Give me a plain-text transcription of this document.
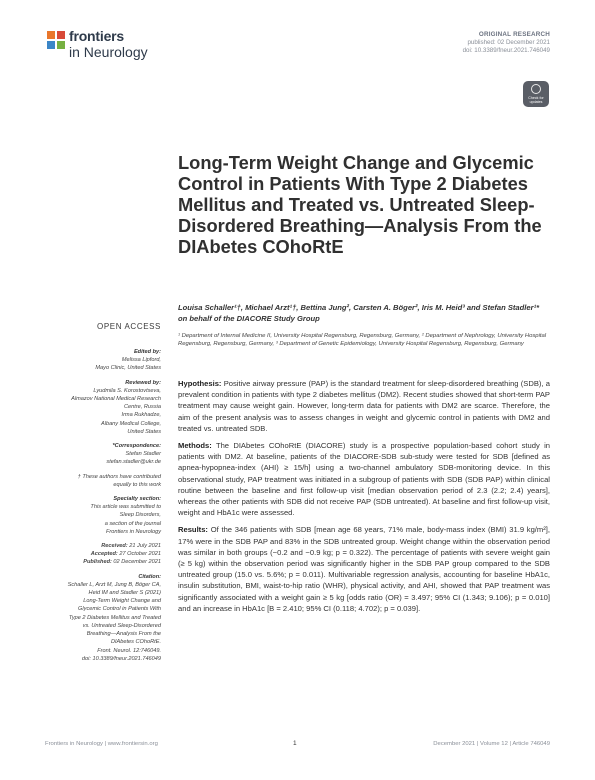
frontiers
in Neurology
ORIGINAL RESEARCH
published: 02 December 2021
doi: 10.3389/fneur.2021.746049
Check for updates
Long-Term Weight Change and Glycemic Control in Patients With Type 2 Diabetes Mellitus and Treated vs. Untreated Sleep-Disordered Breathing—Analysis From the DIAbetes COhoRtE
Louisa Schaller¹†, Michael Arzt¹†, Bettina Jung², Carsten A. Böger², Iris M. Heid³ and Stefan Stadler¹* on behalf of the DIACORE Study Group
¹ Department of Internal Medicine II, University Hospital Regensburg, Regensburg, Germany, ² Department of Nephrology, University Hospital Regensburg, Regensburg, Germany, ³ Department of Genetic Epidemiology, University Hospital Regensburg, Regensburg, Germany
OPEN ACCESS
Edited by:
Melissa Lipford,
Mayo Clinic, United States
Reviewed by:
Lyudmila S. Korostovtseva,
Almazov National Medical Research
Centre, Russia
Irma Rukhadze,
Albany Medical College,
United States
*Correspondence:
Stefan Stadler
stefan.stadler@ukr.de
† These authors have contributed
equally to this work
Specialty section:
This article was submitted to
Sleep Disorders,
a section of the journal
Frontiers in Neurology
Received: 21 July 2021
Accepted: 27 October 2021
Published: 02 December 2021
Citation:
Schaller L, Arzt M, Jung B, Böger CA,
Heid IM and Stadler S (2021)
Long-Term Weight Change and
Glycemic Control in Patients With
Type 2 Diabetes Mellitus and Treated
vs. Untreated Sleep-Disordered
Breathing—Analysis From the
DIAbetes COhoRtE.
Front. Neurol. 12:746049.
doi: 10.3389/fneur.2021.746049

Hypothesis: Positive airway pressure (PAP) is the standard treatment for sleep-disordered breathing (SDB), a prevalent condition in patients with type 2 diabetes mellitus (DM2). Recent studies showed that short-term PAP treatment may cause weight gain. However, long-term data for patients with DM2 are scarce. Therefore, the aim of the present analysis was to assess changes in weight and glycemic control in patients with DM2 and treated vs. untreated SDB.

Methods: The DIAbetes COhoRtE (DIACORE) study is a prospective population-based cohort study in patients with DM2. At baseline, patients of the DIACORE-SDB sub-study were tested for SDB [defined as apnea-hypopnea-index (AHI) ≥ 15/h] using a two-channel ambulatory SDB-monitoring device. In this observational study, PAP treatment was initiated in a subgroup of patients with SDB (SDB PAP) within clinical routine between the baseline and first follow-up visit [median observation period of 2.3 (2.2; 2.4) years], whereas the other patients with SDB did not receive PAP (SDB untreated). At baseline and first follow-up visit, weight and HbA1c were assessed.

Results: Of the 346 patients with SDB [mean age 68 years, 71% male, body-mass index (BMI) 31.9 kg/m²], 17% were in the SDB PAP and 83% in the SDB untreated group. Weight change within the observation period was similar in both groups (−0.2 and −0.9 kg; p = 0.322). The percentage of patients with severe weight gain (≥ 5 kg) within the observation period was significantly higher in the SDB PAP group compared to the SDB untreated group (15.0 vs. 5.6%; p = 0.011). Multivariable regression analysis, accounting for baseline HbA1c, insulin substitution, BMI, waist-to-hip ratio (WHR), physical activity, and AHI, showed that PAP treatment was significantly associated with a weight gain ≥ 5 kg [odds ratio (OR) = 3.497; 95% CI (1.343; 9.106); p = 0.010] and an increase in HbA1c [B = 2.410; 95% CI (0.118; 4.702); p = 0.039].

Frontiers in Neurology | www.frontiersin.org	1	December 2021 | Volume 12 | Article 746049
